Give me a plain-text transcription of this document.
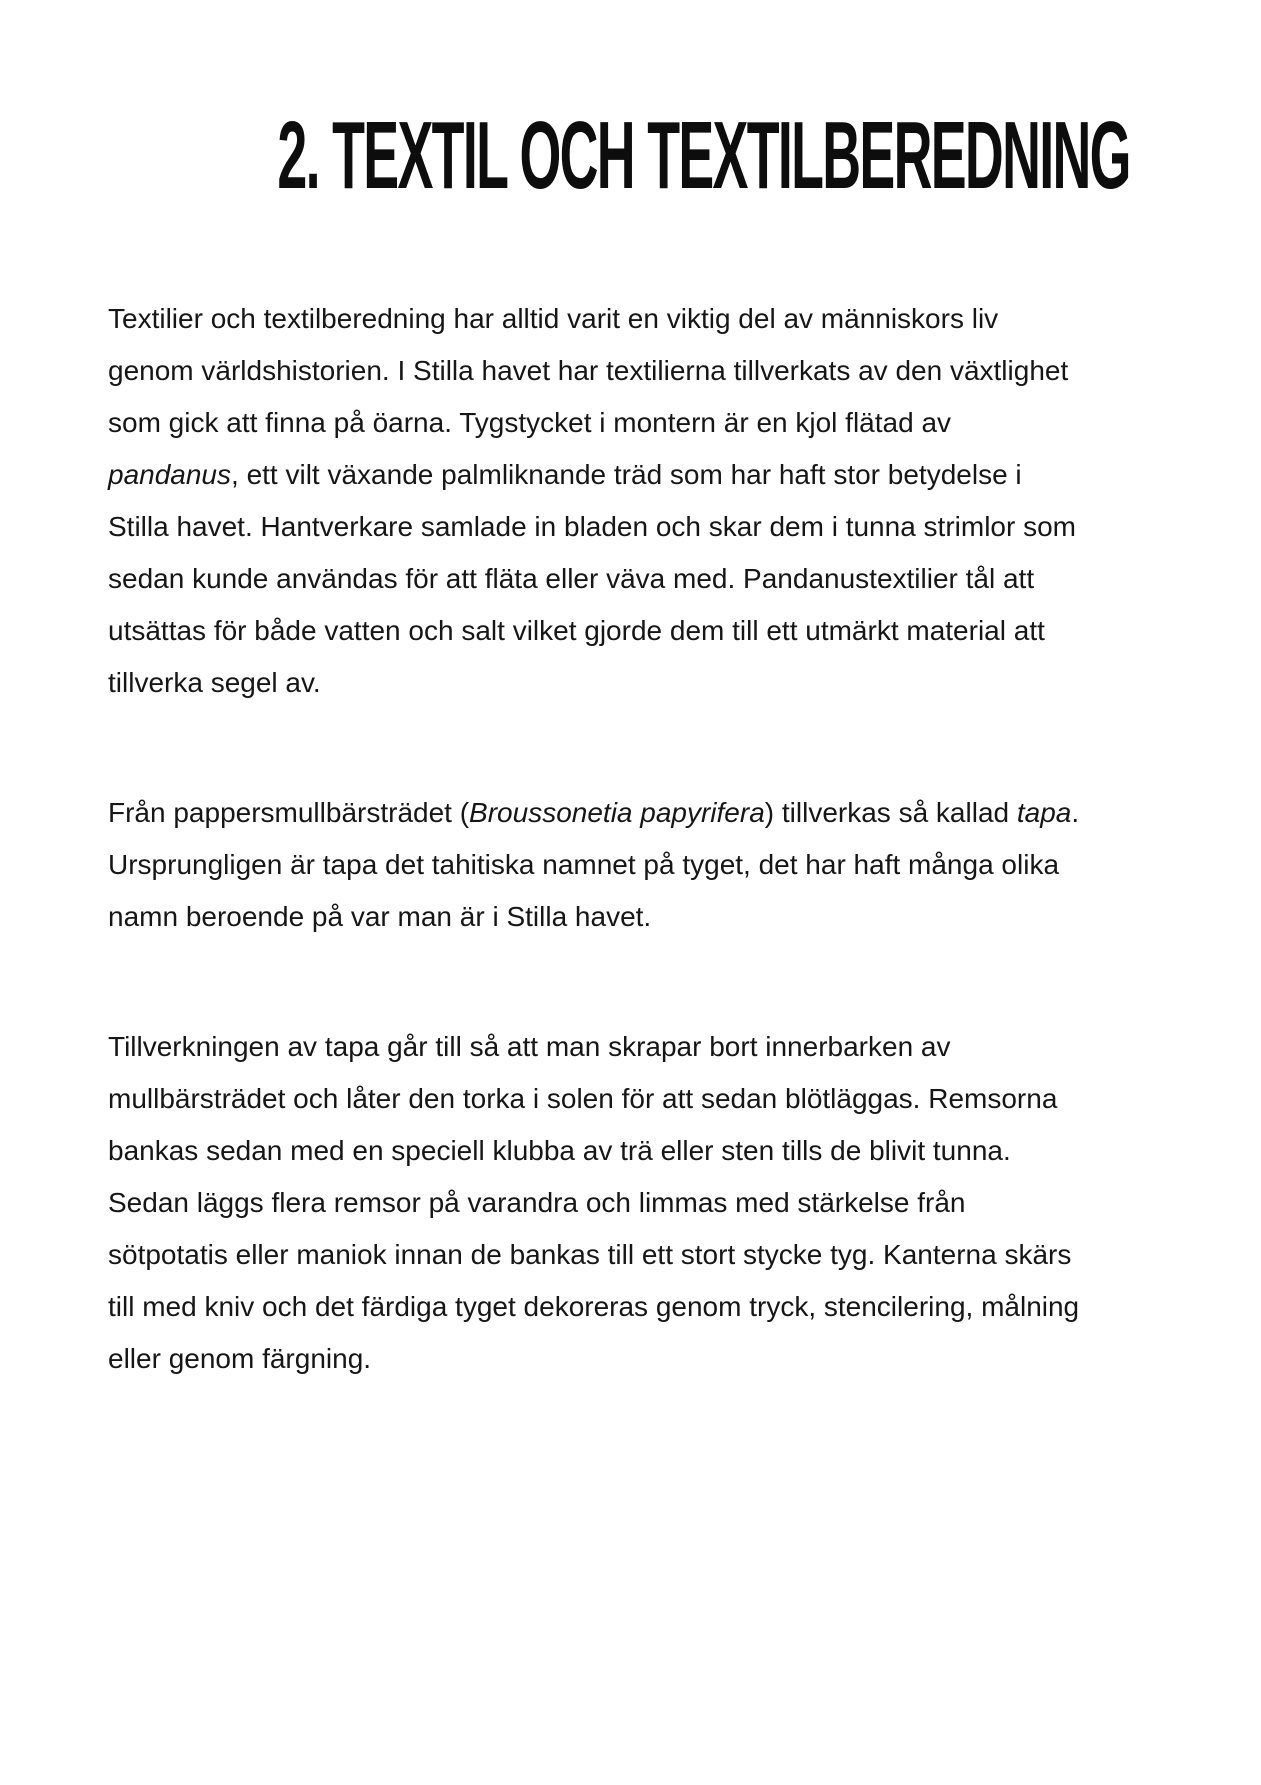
2. TEXTIL OCH TEXTILBEREDNING

Textilier och textilberedning har alltid varit en viktig del av människors liv
genom världshistorien. I Stilla havet har textilierna tillverkats av den växtlighet
som gick att finna på öarna. Tygstycket i montern är en kjol flätad av
pandanus, ett vilt växande palmliknande träd som har haft stor betydelse i
Stilla havet. Hantverkare samlade in bladen och skar dem i tunna strimlor som
sedan kunde användas för att fläta eller väva med. Pandanustextilier tål att
utsättas för både vatten och salt vilket gjorde dem till ett utmärkt material att
tillverka segel av.

Från pappersmullbärsträdet (Broussonetia papyrifera) tillverkas så kallad tapa.
Ursprungligen är tapa det tahitiska namnet på tyget, det har haft många olika
namn beroende på var man är i Stilla havet.

Tillverkningen av tapa går till så att man skrapar bort innerbarken av
mullbärsträdet och låter den torka i solen för att sedan blötläggas. Remsorna
bankas sedan med en speciell klubba av trä eller sten tills de blivit tunna.
Sedan läggs flera remsor på varandra och limmas med stärkelse från
sötpotatis eller maniok innan de bankas till ett stort stycke tyg. Kanterna skärs
till med kniv och det färdiga tyget dekoreras genom tryck, stencilering, målning
eller genom färgning.
